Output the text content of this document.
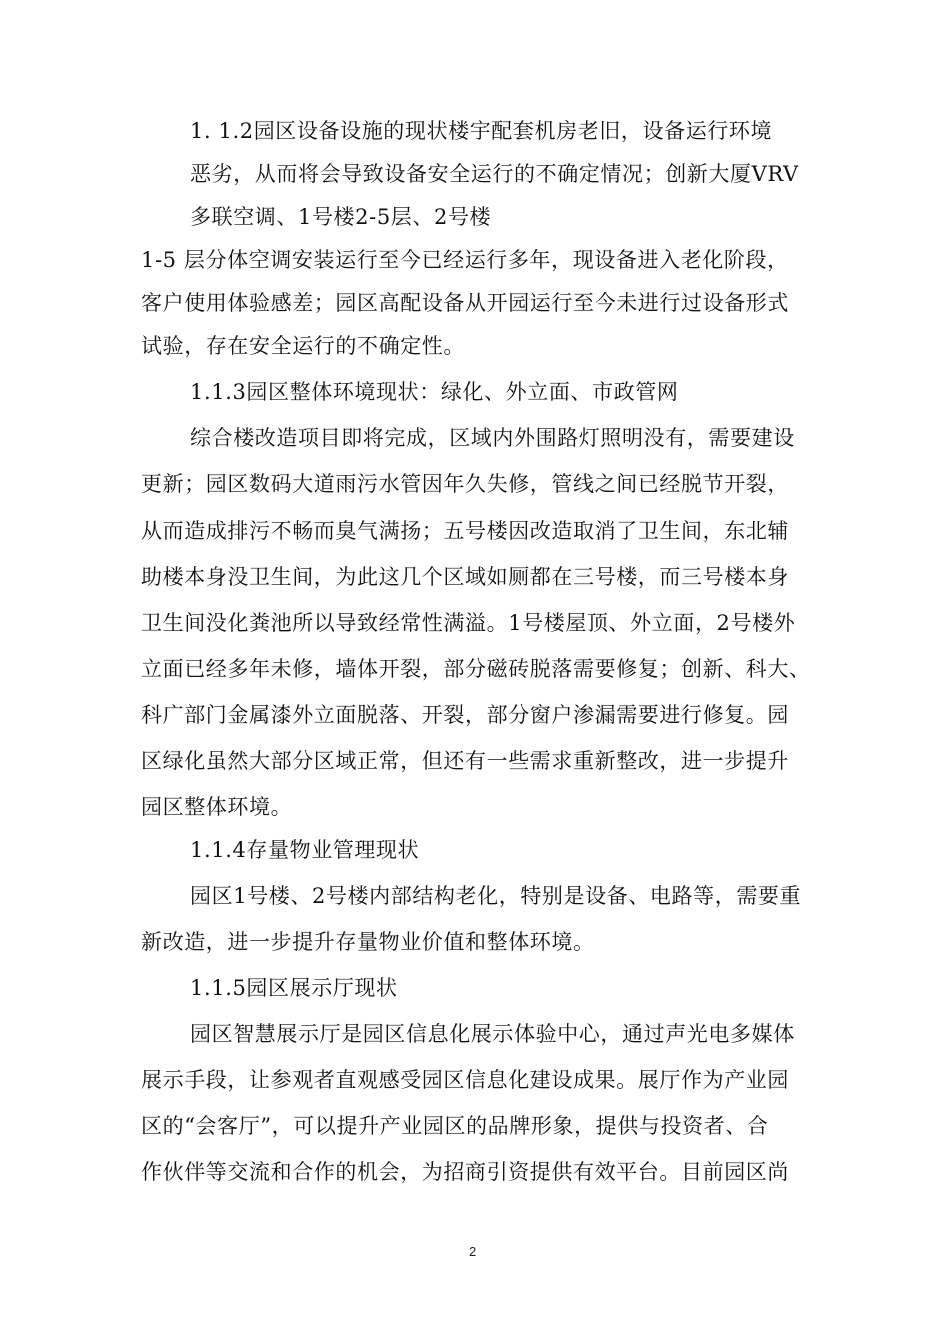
1. 1.2园区设备设施的现状楼宇配套机房老旧，设备运行环境
恶劣，从而将会导致设备安全运行的不确定情况；创新大厦VRV
多联空调、1号楼2-5层、2号楼
1-5 层分体空调安装运行至今已经运行多年，现设备进入老化阶段，
客户使用体验感差；园区高配设备从开园运行至今未进行过设备形式
试验，存在安全运行的不确定性。
1.1.3园区整体环境现状：绿化、外立面、市政管网
综合楼改造项目即将完成，区域内外围路灯照明没有，需要建设
更新；园区数码大道雨污水管因年久失修，管线之间已经脱节开裂，
从而造成排污不畅而臭气满扬；五号楼因改造取消了卫生间，东北辅
助楼本身没卫生间，为此这几个区域如厕都在三号楼，而三号楼本身
卫生间没化粪池所以导致经常性满溢。1号楼屋顶、外立面，2号楼外
立面已经多年未修，墙体开裂，部分磁砖脱落需要修复；创新、科大、
科广部门金属漆外立面脱落、开裂，部分窗户渗漏需要进行修复。园
区绿化虽然大部分区域正常，但还有一些需求重新整改，进一步提升
园区整体环境。
1.1.4存量物业管理现状
园区1号楼、2号楼内部结构老化，特别是设备、电路等，需要重
新改造，进一步提升存量物业价值和整体环境。
1.1.5园区展示厅现状
园区智慧展示厅是园区信息化展示体验中心，通过声光电多媒体
展示手段，让参观者直观感受园区信息化建设成果。展厅作为产业园
区的“会客厅”，可以提升产业园区的品牌形象，提供与投资者、合
作伙伴等交流和合作的机会，为招商引资提供有效平台。目前园区尚
2
